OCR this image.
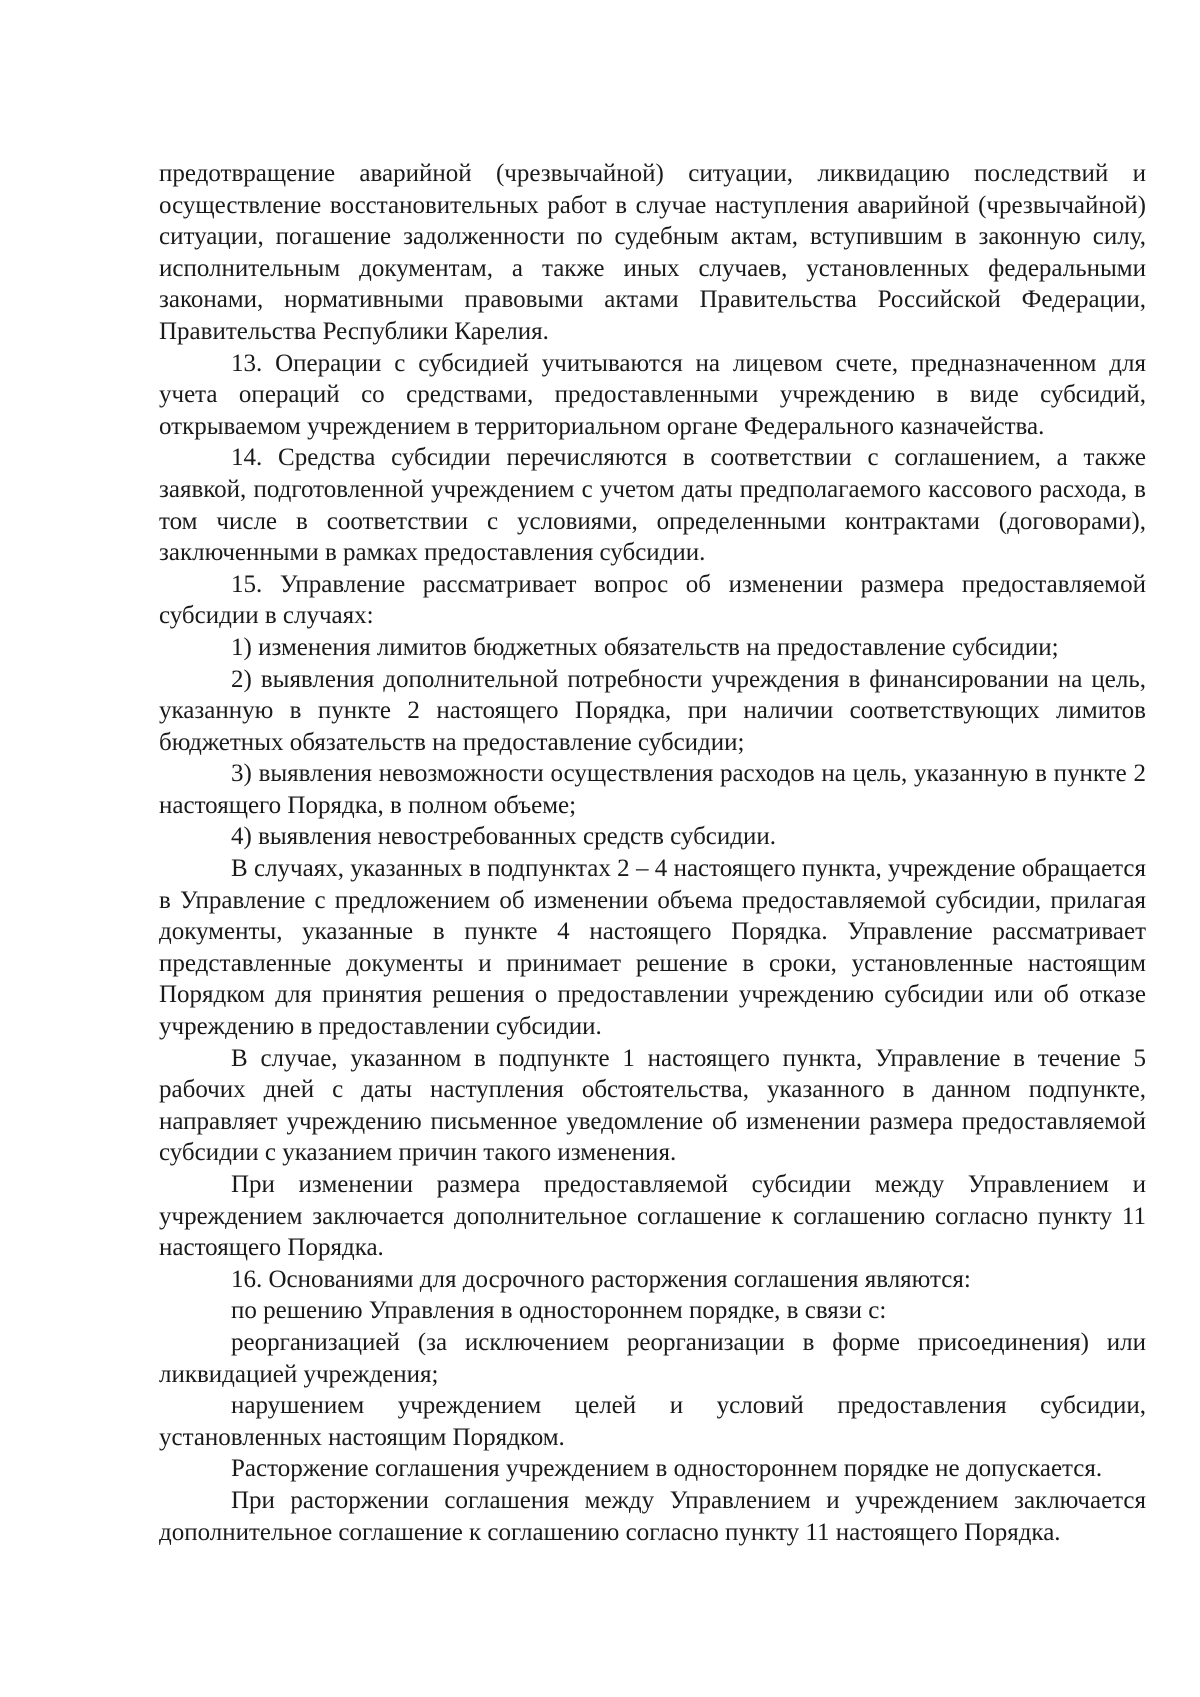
предотвращение аварийной (чрезвычайной) ситуации, ликвидацию последствий и осуществление восстановительных работ в случае наступления аварийной (чрезвычайной) ситуации, погашение задолженности по судебным актам, вступившим в законную силу, исполнительным документам, а также иных случаев, установленных федеральными законами, нормативными правовыми актами Правительства Российской Федерации, Правительства Республики Карелия.

13. Операции с субсидией учитываются на лицевом счете, предназначенном для учета операций со средствами, предоставленными учреждению в виде субсидий, открываемом учреждением в территориальном органе Федерального казначейства.

14. Средства субсидии перечисляются в соответствии с соглашением, а также заявкой, подготовленной учреждением с учетом даты предполагаемого кассового расхода, в том числе в соответствии с условиями, определенными контрактами (договорами), заключенными в рамках предоставления субсидии.

15. Управление рассматривает вопрос об изменении размера предоставляемой субсидии в случаях:

1) изменения лимитов бюджетных обязательств на предоставление субсидии;

2) выявления дополнительной потребности учреждения в финансировании на цель, указанную в пункте 2 настоящего Порядка, при наличии соответствующих лимитов бюджетных обязательств на предоставление субсидии;

3) выявления невозможности осуществления расходов на цель, указанную в пункте 2 настоящего Порядка, в полном объеме;

4) выявления невостребованных средств субсидии.

В случаях, указанных в подпунктах 2 – 4 настоящего пункта, учреждение обращается в Управление с предложением об изменении объема предоставляемой субсидии, прилагая документы, указанные в пункте 4 настоящего Порядка. Управление рассматривает представленные документы и принимает решение в сроки, установленные настоящим Порядком для принятия решения о предоставлении учреждению субсидии или об отказе учреждению в предоставлении субсидии.

В случае, указанном в подпункте 1 настоящего пункта, Управление в течение 5 рабочих дней с даты наступления обстоятельства, указанного в данном подпункте, направляет учреждению письменное уведомление об изменении размера предоставляемой субсидии с указанием причин такого изменения.

При изменении размера предоставляемой субсидии между Управлением и учреждением заключается дополнительное соглашение к соглашению согласно пункту 11 настоящего Порядка.

16. Основаниями для досрочного расторжения соглашения являются:

по решению Управления в одностороннем порядке, в связи с:

реорганизацией (за исключением реорганизации в форме присоединения) или ликвидацией учреждения;

нарушением учреждением целей и условий предоставления субсидии, установленных настоящим Порядком.

Расторжение соглашения учреждением в одностороннем порядке не допускается.

При расторжении соглашения между Управлением и учреждением заключается дополнительное соглашение к соглашению согласно пункту 11 настоящего Порядка.
